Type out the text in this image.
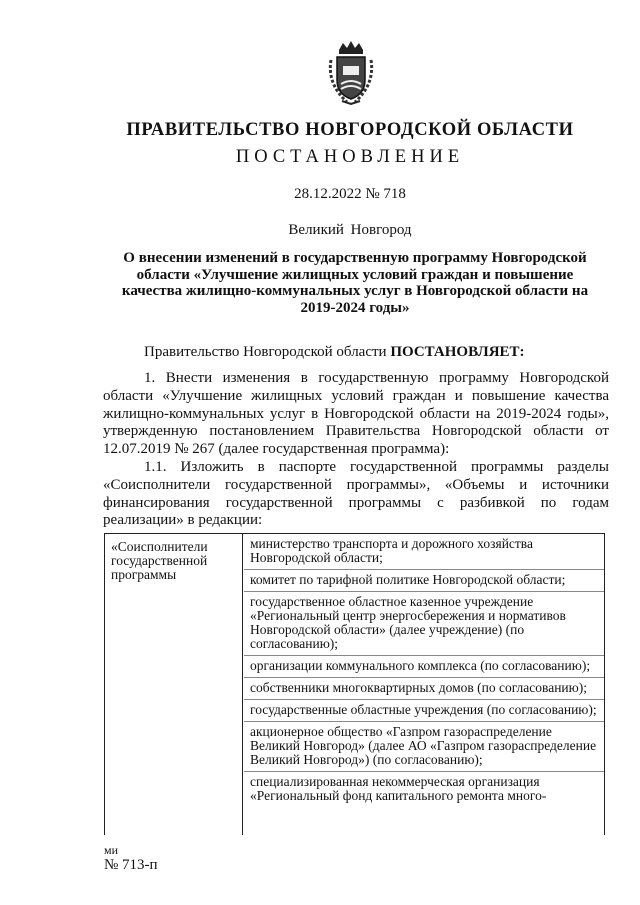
ПРАВИТЕЛЬСТВО НОВГОРОДСКОЙ ОБЛАСТИ
ПОСТАНОВЛЕНИЕ
28.12.2022 № 718
Великий Новгород
О внесении изменений в государственную программу Новгородской области «Улучшение жилищных условий граждан и повышение качества жилищно-коммунальных услуг в Новгородской области на 2019-2024 годы»
Правительство Новгородской области ПОСТАНОВЛЯЕТ:
1. Внести изменения в государственную программу Новгородской области «Улучшение жилищных условий граждан и повышение качества жилищно-коммунальных услуг в Новгородской области на 2019-2024 годы», утвержденную постановлением Правительства Новгородской области от 12.07.2019 № 267 (далее государственная программа):
1.1. Изложить в паспорте государственной программы разделы «Соисполнители государственной программы», «Объемы и источники финансирования государственной программы с разбивкой по годам реализации» в редакции:
«Соисполнители государственной программы
министерство транспорта и дорожного хозяйства Новгородской области;
комитет по тарифной политике Новгородской области;
государственное областное казенное учреждение «Региональный центр энергосбережения и нормативов Новгородской области» (далее учреждение) (по согласованию);
организации коммунального комплекса (по согласованию);
собственники многоквартирных домов (по согласованию);
государственные областные учреждения (по согласованию);
акционерное общество «Газпром газораспределение Великий Новгород» (далее АО «Газпром газораспределение Великий Новгород») (по согласованию);
специализированная некоммерческая организация «Региональный фонд капитального ремонта много-
ми
№ 713-п
